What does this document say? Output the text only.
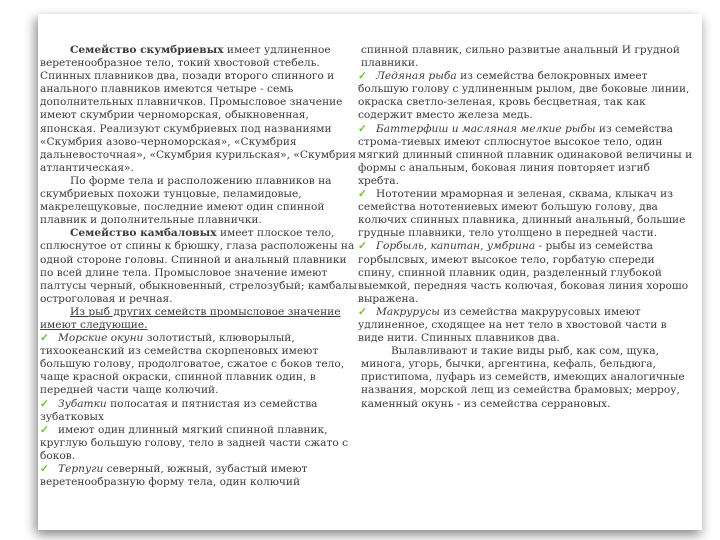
Семейство скумбриевых имеет удлиненное веретенообразное тело, токий хвостовой стебель. Спинных плавников два, позади второго спинного и анального плавников имеются четыре - семь дополнительных плавничков. Промысловое значение имеют скумбрии черноморская, обыкновенная, японская. Реализуют скумбриевых под названиями «Скумбрия азово-черноморская», «Скумбрия дальневосточная», «Скумбрия курильская», «Скумбрия атлантическая».
По форме тела и расположению плавников на скумбриевых похожи тунцовые, пеламидовые, макрелещуковые, последние имеют один спинной плавник и дополнительные плавнички.
Семейство камбаловых имеет плоское тело, сплюснутое от спины к брюшку, глаза расположены на одной стороне головы. Спинной и анальный плавники по всей длине тела. Промысловое значение имеют палтусы черный, обыкновенный, стрелозубый; камбалы остроголовая и речная.
Из рыб других семейств промысловое значение имеют следующие.
✓ Морские окуни золотистый, клюворылый, тихоокеанский из семейства скорпеновых имеют большую голову, продолговатое, сжатое с боков тело, чаще красной окраски, спинной плавник один, в передней части чаще колючий.
✓ Зубатки полосатая и пятнистая из семейства зубатковых
✓ имеют один длинный мягкий спинной плавник, круглую большую голову, тело в задней части сжато с боков.
✓ Терпуги северный, южный, зубастый имеют веретенообразную форму тела, один колючий
спинной плавник, сильно развитые анальный И грудной плавники.
✓ Ледяная рыба из семейства белокровных имеет большую голову с удлиненным рылом, две боковые линии, окраска светло-зеленая, кровь бесцветная, так как содержит вместо железа медь.
✓ Баттерфиш и масляная мелкие рыбы из семейства строма-тиевых имеют сплюснутое высокое тело, один мягкий длинный спинной плавник одинаковой величины и формы с анальным, боковая линия повторяет изгиб хребта.
✓ Нототении мраморная и зеленая, сквама, клыкач из семейства нототениевых имеют большую голову, два колючих спинных плавника, длинный анальный, большие грудные плавники, тело утолщено в передней части.
✓ Горбыль, капитан, умбрина - рыбы из семейства горбылсвых, имеют высокое тело, горбатую спереди спину, спинной плавник один, разделенный глубокой выемкой, передняя часть колючая, боковая линия хорошо выражена.
✓ Макрурусы из семейства макрурусовых имеют удлиненное, сходящее на нет тело в хвостовой части в виде нити. Спинных плавников два.
Вылавливают и такие виды рыб, как сом, щука, минога, угорь, бычки, аргентина, кефаль, бельдюга, пристипома, луфарь из семейств, имеющих аналогичные названия, морской лещ из семейства брамовых; мерроу, каменный окунь - из семейства серрановых.
